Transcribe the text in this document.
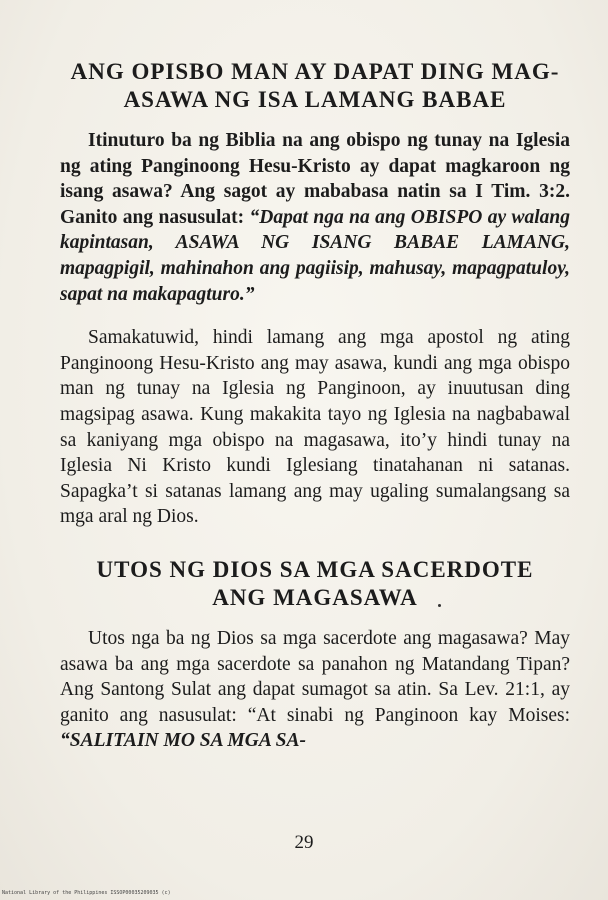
ANG OPISBO MAN AY DAPAT DING MAG-
ASAWA NG ISA LAMANG BABAE

Itinuturo ba ng Biblia na ang obispo ng tunay na Iglesia ng ating Panginoong Hesu-Kristo ay dapat magkaroon ng isang asawa? Ang sagot ay mababasa natin sa I Tim. 3:2. Ganito ang nasusulat: “Dapat nga na ang OBISPO ay walang kapintasan, ASAWA NG ISANG BABAE LAMANG, mapagpigil, mahinahon ang pagiisip, mahusay, mapagpatuloy, sapat na makapagturo.”

Samakatuwid, hindi lamang ang mga apostol ng ating Panginoong Hesu-Kristo ang may asawa, kundi ang mga obispo man ng tunay na Iglesia ng Panginoon, ay inuutusan ding magsipag asawa. Kung makakita tayo ng Iglesia na nagbabawal sa kaniyang mga obispo na magasawa, ito’y hindi tunay na Iglesia Ni Kristo kundi Iglesiang tinatahanan ni satanas. Sapagka’t si satanas lamang ang may ugaling sumalangsang sa mga aral ng Dios.

UTOS NG DIOS SA MGA SACERDOTE
ANG MAGASAWA

Utos nga ba ng Dios sa mga sacerdote ang magasawa? May asawa ba ang mga sacerdote sa panahon ng Matandang Tipan? Ang Santong Sulat ang dapat sumagot sa atin. Sa Lev. 21:1, ay ganito ang nasusulat: “At sinabi ng Panginoon kay Moises: “SALITAIN MO SA MGA SA-

29
National Library of the Philippines ISSOP00035209035 (c)
